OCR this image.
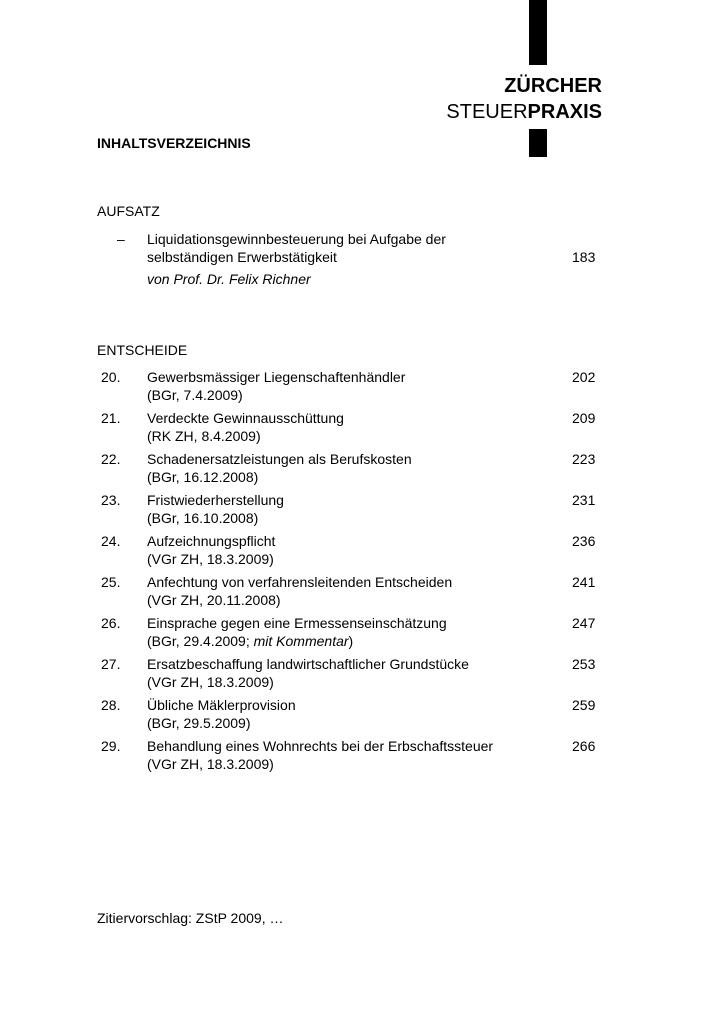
ZÜRCHER
STEUERPRAXIS
INHALTSVERZEICHNIS
AUFSATZ
– Liquidationsgewinnbesteuerung bei Aufgabe der
selbständigen Erwerbstätigkeit	183
von Prof. Dr. Felix Richner
ENTSCHEIDE
20. Gewerbsmässiger Liegenschaftenhändler
(BGr, 7.4.2009)
202
21. Verdeckte Gewinnausschüttung
(RK ZH, 8.4.2009)
209
22. Schadenersatzleistungen als Berufskosten
(BGr, 16.12.2008)
223
23. Fristwiederherstellung
(BGr, 16.10.2008)
231
24. Aufzeichnungspflicht
(VGr ZH, 18.3.2009)
236
25. Anfechtung von verfahrensleitenden Entscheiden
(VGr ZH, 20.11.2008)
241
26. Einsprache gegen eine Ermessenseinschätzung
(BGr, 29.4.2009; mit Kommentar)
247
27. Ersatzbeschaffung landwirtschaftlicher Grundstücke
(VGr ZH, 18.3.2009)
253
28. Übliche Mäklerprovision
(BGr, 29.5.2009)
259
29. Behandlung eines Wohnrechts bei der Erbschaftssteuer
(VGr ZH, 18.3.2009)
266
Zitiervorschlag: ZStP 2009, …
